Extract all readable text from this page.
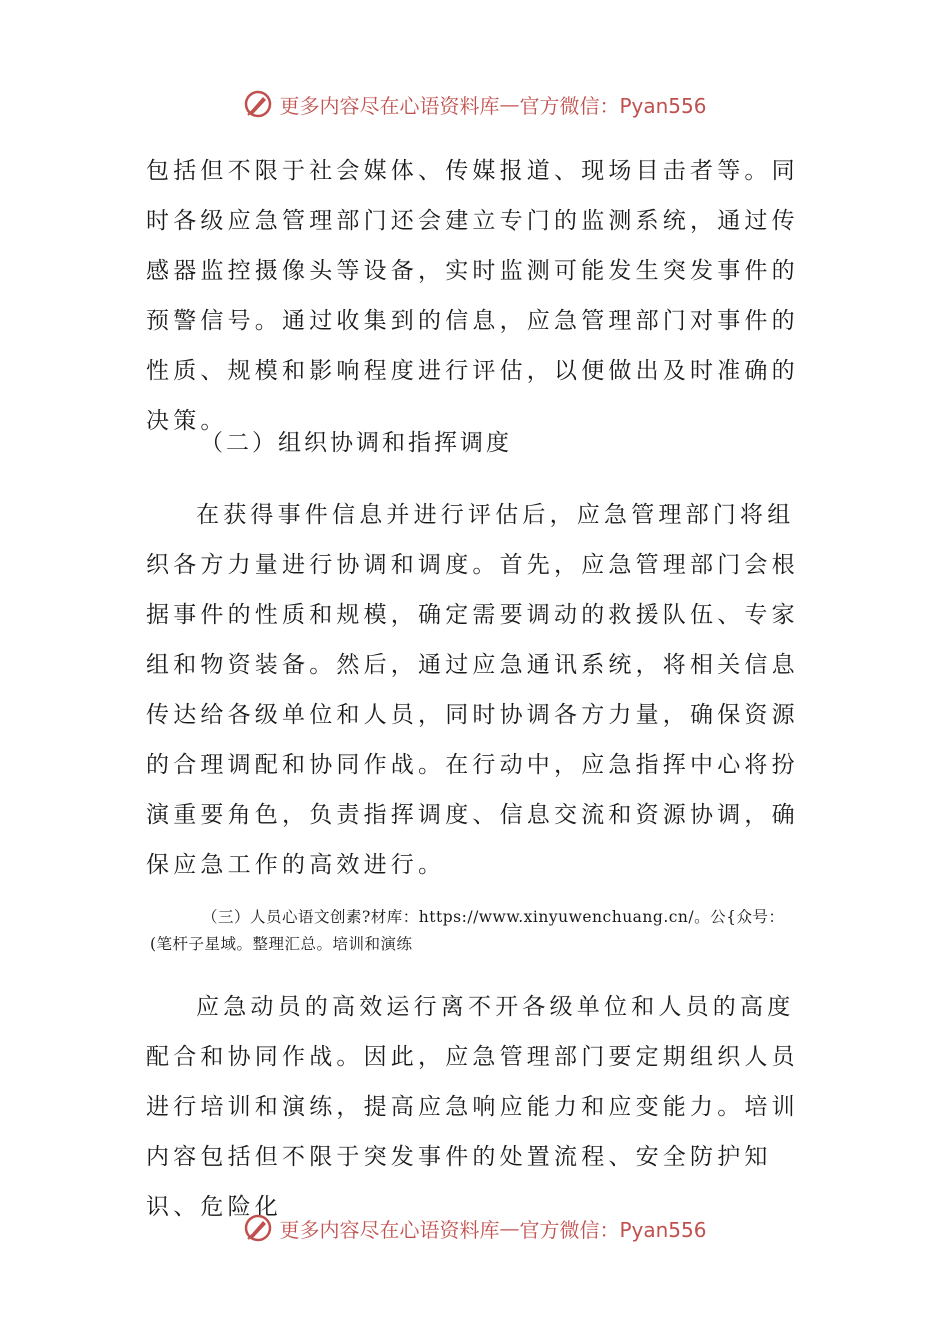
更多内容尽在心语资料库 — 官方微信：Pyan556

包括但不限于社会媒体、传媒报道、现场目击者等。同时各级应急管理部门还会建立专门的监测系统，通过传感器监控摄像头等设备，实时监测可能发生突发事件的预警信号。通过收集到的信息，应急管理部门对事件的性质、规模和影响程度进行评估，以便做出及时准确的决策。

（二）组织协调和指挥调度

在获得事件信息并进行评估后，应急管理部门将组织各方力量进行协调和调度。首先，应急管理部门会根据事件的性质和规模，确定需要调动的救援队伍、专家组和物资装备。然后，通过应急通讯系统，将相关信息传达给各级单位和人员，同时协调各方力量，确保资源的合理调配和协同作战。在行动中，应急指挥中心将扮演重要角色，负责指挥调度、信息交流和资源协调，确保应急工作的高效进行。

（三）人员心语文创素?材库：https://www.xinyuwenchuang.cn/。公{众号：
(笔杆子星域。整理汇总。培训和演练

应急动员的高效运行离不开各级单位和人员的高度配合和协同作战。因此，应急管理部门要定期组织人员进行培训和演练，提高应急响应能力和应变能力。培训内容包括但不限于突发事件的处置流程、安全防护知识、危险化

更多内容尽在心语资料库 — 官方微信：Pyan556
